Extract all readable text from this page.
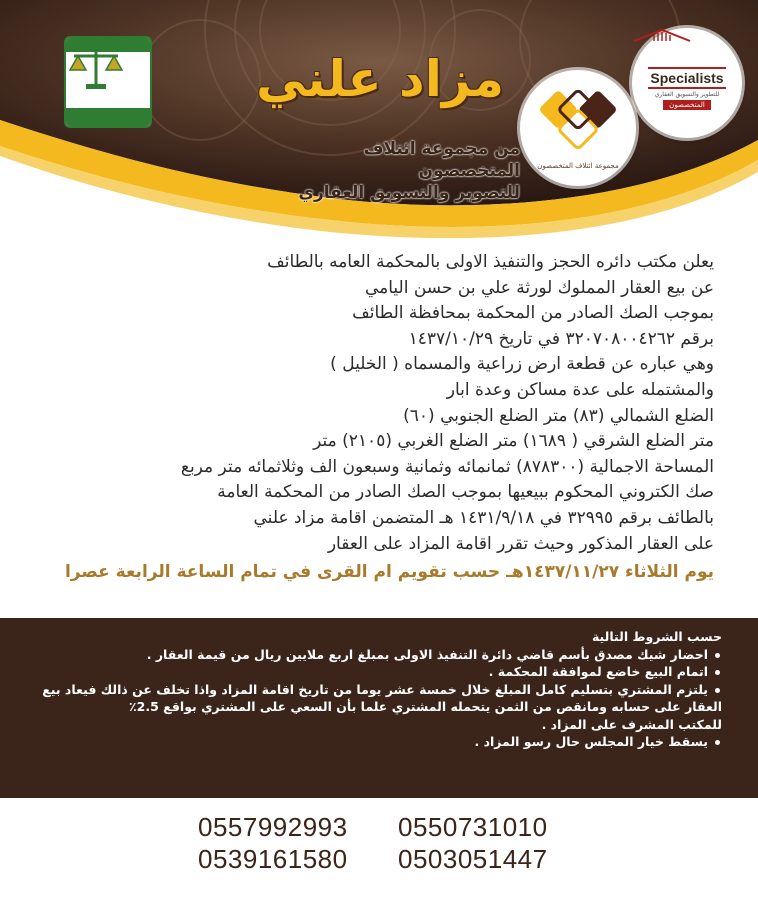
Specialists
للتطوير والتسويق العقاري
المتخصصون
مجموعة ائتلاف المتخصصون
مزاد علني
من مجموعة ائتلاف المتخصصون
للتصوير والتسويق العقاري
يعلن مكتب دائره الحجز والتنفيذ الاولى بالمحكمة العامه بالطائف
عن بيع العقار المملوك لورثة علي بن حسن اليامي
بموجب الصك الصادر من المحكمة بمحافظة الطائف
برقم ٣٢٠٧٠٨٠٠٤٢٦٢ في تاريخ ١٤٣٧/١٠/٢٩
وهي عباره عن قطعة ارض زراعية والمسماه ( الخليل )
والمشتمله على عدة مساكن وعدة ابار
الضلع الشمالي (٨٣) متر الضلع الجنوبي (٦٠)
متر الضلع الشرقي ( ١٦٨٩) متر الضلع الغربي (٢١٠٥) متر
المساحة الاجمالية (٨٧٨٣٠٠) ثمانمائه وثمانية وسبعون الف وثلاثمائه متر مربع
صك الكتروني المحكوم ببيعيها بموجب الصك الصادر من المحكمة العامة
بالطائف برقم ٣٢٩٩٥ في ١٤٣١/٩/١٨ هـ المتضمن اقامة مزاد علني
على العقار المذكور وحيث تقرر اقامة المزاد على العقار
يوم الثلاثاء ١٤٣٧/١١/٢٧هـ حسب تقويم ام القرى في تمام الساعة الرابعة عصرا
حسب الشروط التالية
احضار شيك مصدق بأسم قاضي دائرة التنفيذ الاولى بمبلغ اربع ملايين ريال من قيمة العقار .
اتمام البيع خاضع لموافقة المحكمة .
يلتزم المشتري بتسليم كامل المبلغ خلال خمسة عشر يوما من تاريخ اقامة المزاد واذا تخلف عن ذالك فيعاد بيع
العقار على حسابه ومانقص من الثمن يتحمله المشتري علما بأن السعي على المشتري بواقع 2.5٪
للمكتب المشرف على المزاد .
يسقط خيار المجلس حال رسو المزاد .
0550731010
0557992993
0503051447
0539161580
